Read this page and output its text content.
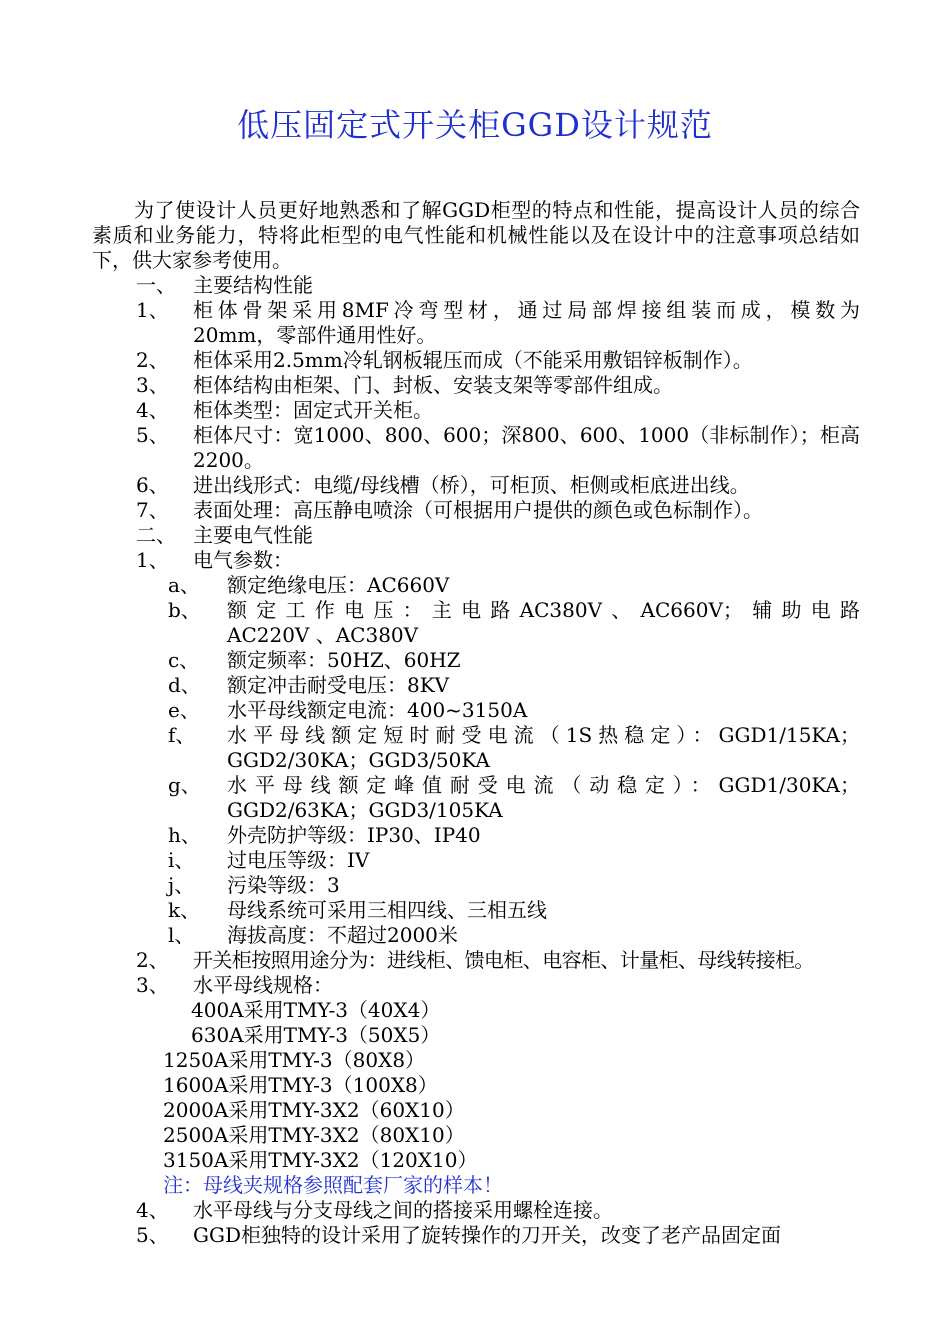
低压固定式开关柜GGD设计规范
为了使设计人员更好地熟悉和了解GGD柜型的特点和性能，提高设计人员的综合素质和业务能力，特将此柜型的电气性能和机械性能以及在设计中的注意事项总结如下，供大家参考使用。
一、 主要结构性能
1、 柜体骨架采用8MF冷弯型材，通过局部焊接组装而成，模数为
20mm，零部件通用性好。
2、 柜体采用2.5mm冷轧钢板辊压而成（不能采用敷铝锌板制作）。
3、 柜体结构由柜架、门、封板、安装支架等零部件组成。
4、 柜体类型：固定式开关柜。
5、 柜体尺寸：宽1000、800、600；深800、600、1000（非标制作）；柜高
2200。
6、 进出线形式：电缆/母线槽（桥），可柜顶、柜侧或柜底进出线。
7、 表面处理：高压静电喷涂（可根据用户提供的颜色或色标制作）。
二、 主要电气性能
1、 电气参数：
a、 额定绝缘电压：AC660V
b、 额定工作电压：主电路AC380V、AC660V；辅助电路
AC220V 、AC380V
c、 额定频率：50HZ、60HZ
d、 额定冲击耐受电压：8KV
e、 水平母线额定电流：400~3150A
f、 水平母线额定短时耐受电流（1S热稳定）：GGD1/15KA；
GGD2/30KA；GGD3/50KA
g、 水平母线额定峰值耐受电流（动稳定）：GGD1/30KA；
GGD2/63KA；GGD3/105KA
h、 外壳防护等级：IP30、IP40
i、 过电压等级：IV
j、 污染等级：3
k、 母线系统可采用三相四线、三相五线
l、 海拔高度：不超过2000米
2、 开关柜按照用途分为：进线柜、馈电柜、电容柜、计量柜、母线转接柜。
3、 水平母线规格：
400A采用TMY-3（40X4）
630A采用TMY-3（50X5）
1250A采用TMY-3（80X8）
1600A采用TMY-3（100X8）
2000A采用TMY-3X2（60X10）
2500A采用TMY-3X2（80X10）
3150A采用TMY-3X2（120X10）
注：母线夹规格参照配套厂家的样本！
4、 水平母线与分支母线之间的搭接采用螺栓连接。
5、 GGD柜独特的设计采用了旋转操作的刀开关，改变了老产品固定面
